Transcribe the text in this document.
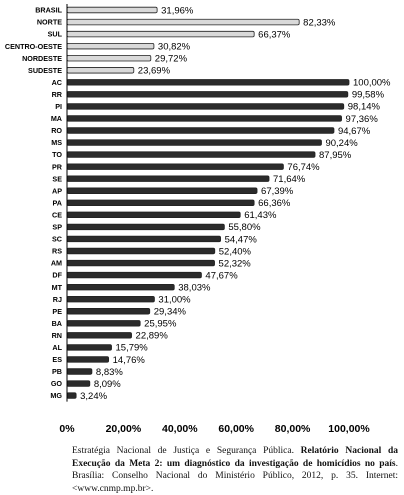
BRASIL	31,96%
NORTE	82,33%
SUL	66,37%
CENTRO-OESTE	30,82%
NORDESTE	29,72%
SUDESTE	23,69%
AC	100,00%
RR	99,58%
PI	98,14%
MA	97,36%
RO	94,67%
MS	90,24%
TO	87,95%
PR	76,74%
SE	71,64%
AP	67,39%
PA	66,36%
CE	61,43%
SP	55,80%
SC	54,47%
RS	52,40%
AM	52,32%
DF	47,67%
MT	38,03%
RJ	31,00%
PE	29,34%
BA	25,95%
RN	22,89%
AL	15,79%
ES	14,76%
PB	8,83%
GO	8,09%
MG 3,24%
0%	20,00% 40,00% 60,00% 80,00% 100,00%
Estratégia Nacional de Justiça e Segurança Pública. Relatório Nacional da Execução da Meta 2: um diagnóstico da investigação de homicídios no país. Brasília: Conselho Nacional do Ministério Público, 2012, p. 35. Internet: <www.cnmp.mp.br>.
